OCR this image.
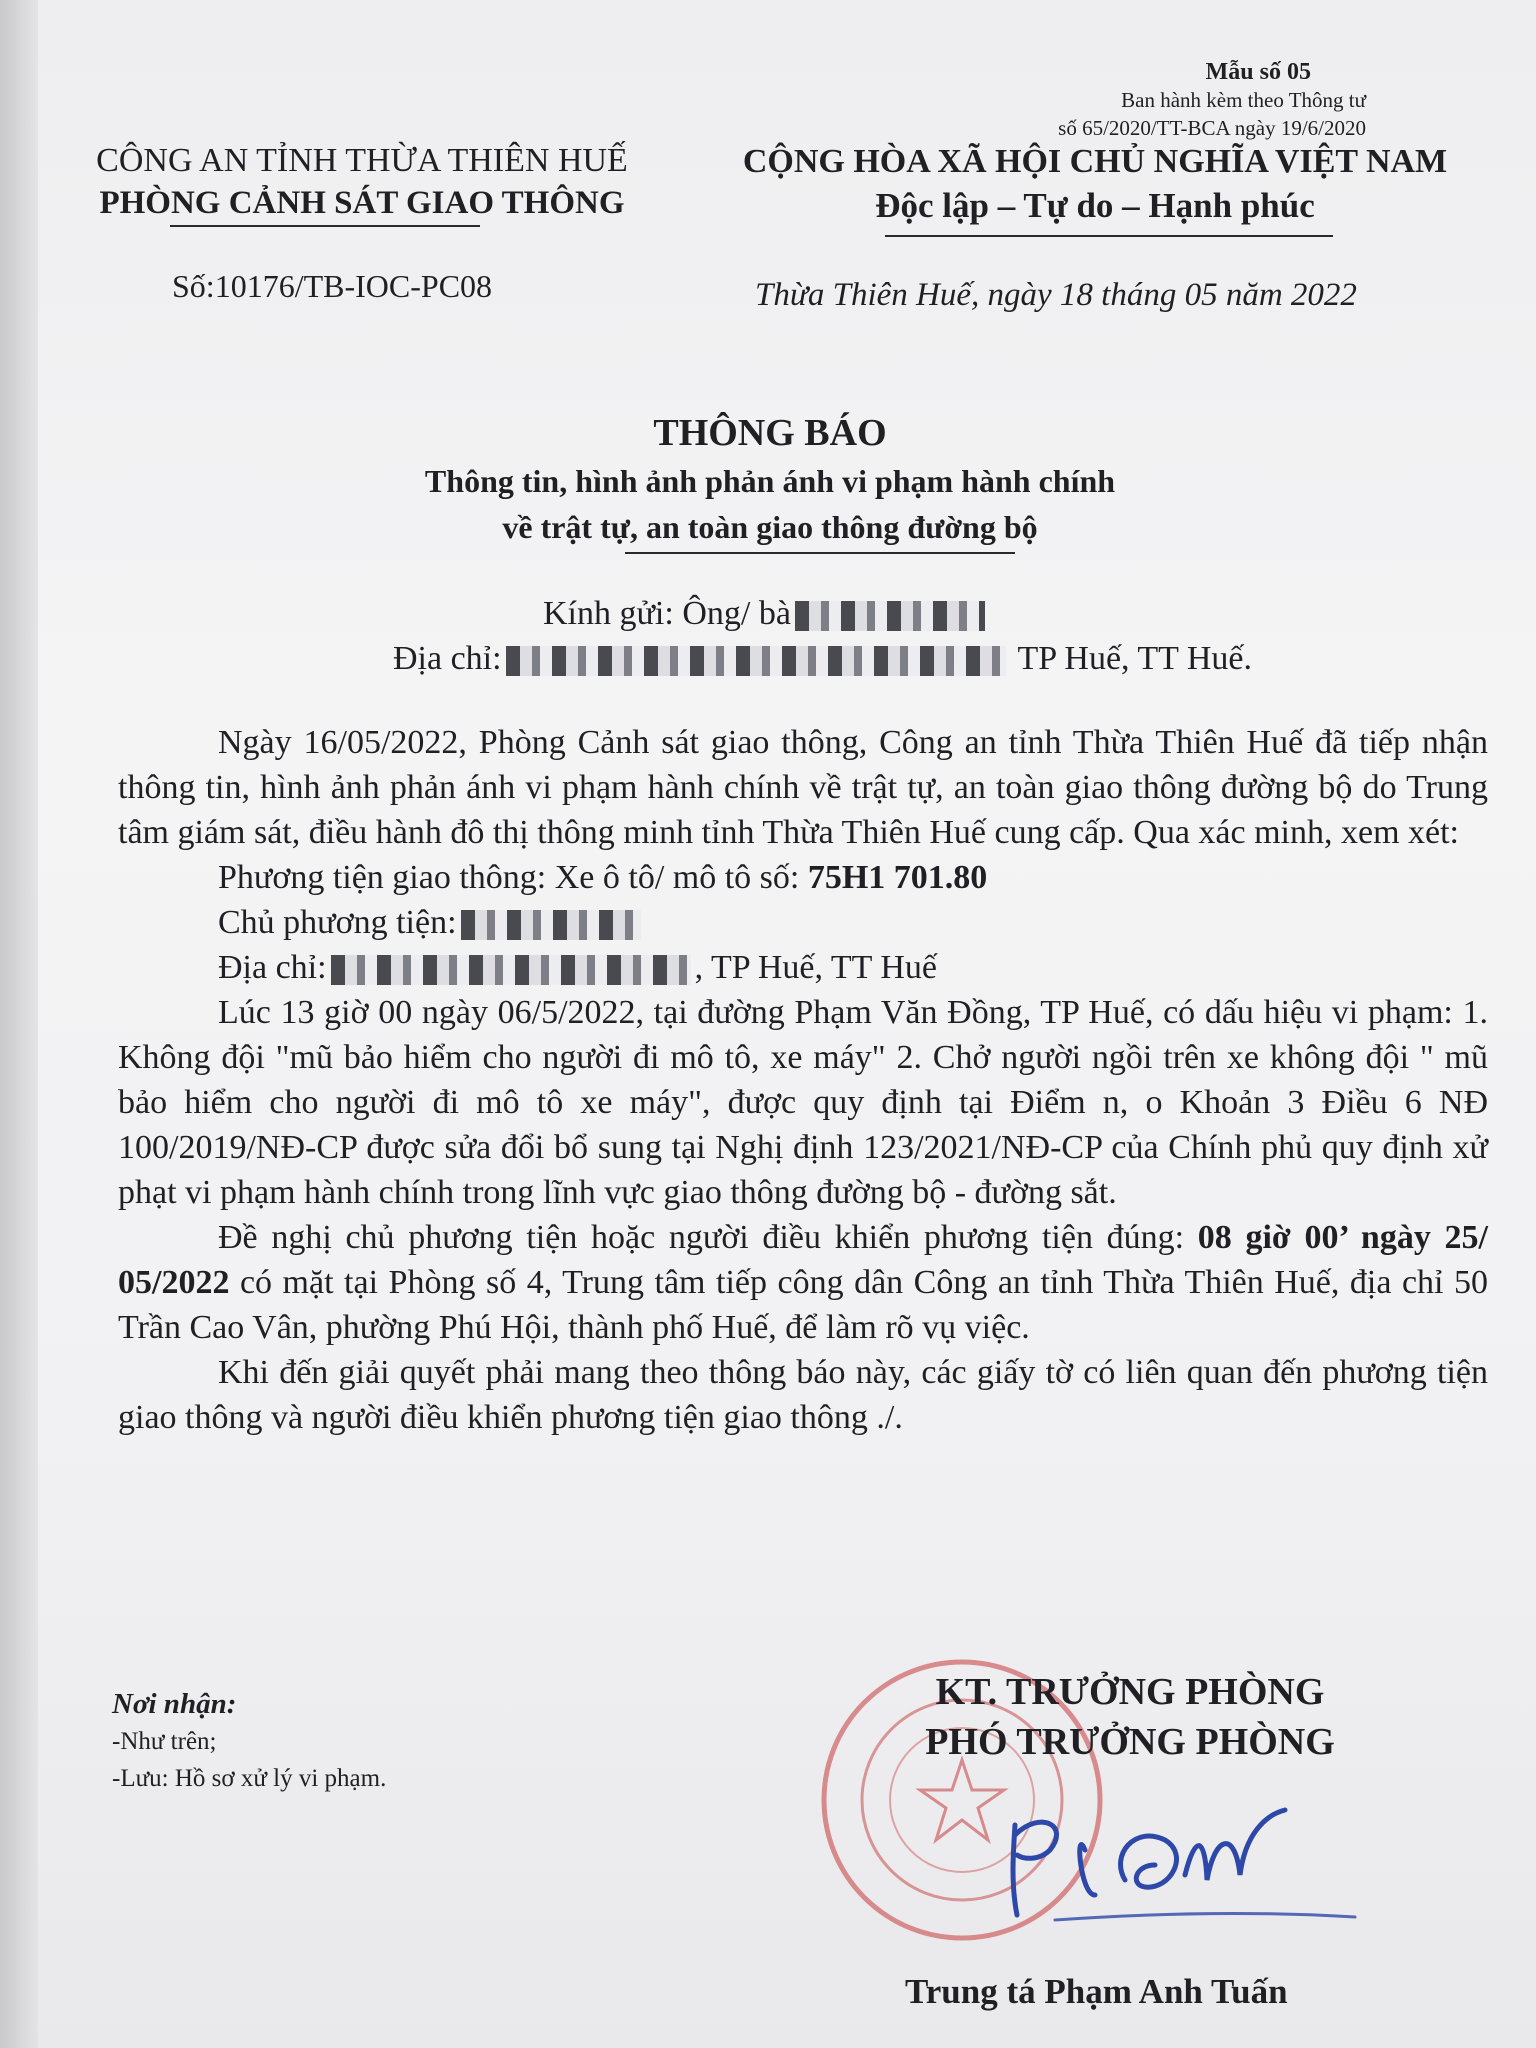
Mẫu số 05
Ban hành kèm theo Thông tư
số 65/2020/TT-BCA ngày 19/6/2020
CÔNG AN TỈNH THỪA THIÊN HUẾ
PHÒNG CẢNH SÁT GIAO THÔNG
Số:10176/TB-IOC-PC08
CỘNG HÒA XÃ HỘI CHỦ NGHĨA VIỆT NAM
Độc lập – Tự do – Hạnh phúc
Thừa Thiên Huế, ngày 18 tháng 05 năm 2022
THÔNG BÁO
Thông tin, hình ảnh phản ánh vi phạm hành chính
về trật tự, an toàn giao thông đường bộ
Kính gửi: Ông/ bà
Địa chỉ:	TP Huế, TT Huế.

Ngày 16/05/2022, Phòng Cảnh sát giao thông, Công an tỉnh Thừa Thiên Huế đã tiếp nhận thông tin, hình ảnh phản ánh vi phạm hành chính về trật tự, an toàn giao thông đường bộ do Trung tâm giám sát, điều hành đô thị thông minh tỉnh Thừa Thiên Huế cung cấp. Qua xác minh, xem xét:

Phương tiện giao thông: Xe ô tô/ mô tô số: 75H1 701.80
Chủ phương tiện:
Địa chỉ:	, TP Huế, TT Huế

Lúc 13 giờ 00 ngày 06/5/2022, tại đường Phạm Văn Đồng, TP Huế, có dấu hiệu vi phạm: 1. Không đội "mũ bảo hiểm cho người đi mô tô, xe máy" 2. Chở người ngồi trên xe không đội " mũ bảo hiểm cho người đi mô tô xe máy", được quy định tại Điểm n, o Khoản 3 Điều 6 NĐ 100/2019/NĐ-CP được sửa đổi bổ sung tại Nghị định 123/2021/NĐ-CP của Chính phủ quy định xử phạt vi phạm hành chính trong lĩnh vực giao thông đường bộ - đường sắt.

Đề nghị chủ phương tiện hoặc người điều khiển phương tiện đúng: 08 giờ 00’ ngày 25/ 05/2022 có mặt tại Phòng số 4, Trung tâm tiếp công dân Công an tỉnh Thừa Thiên Huế, địa chỉ 50 Trần Cao Vân, phường Phú Hội, thành phố Huế, để làm rõ vụ việc.

Khi đến giải quyết phải mang theo thông báo này, các giấy tờ có liên quan đến phương tiện giao thông và người điều khiển phương tiện giao thông ./.

Nơi nhận:
-Như trên;
-Lưu: Hồ sơ xử lý vi phạm.
KT. TRƯỞNG PHÒNG
PHÓ TRƯỞNG PHÒNG
Trung tá Phạm Anh Tuấn
